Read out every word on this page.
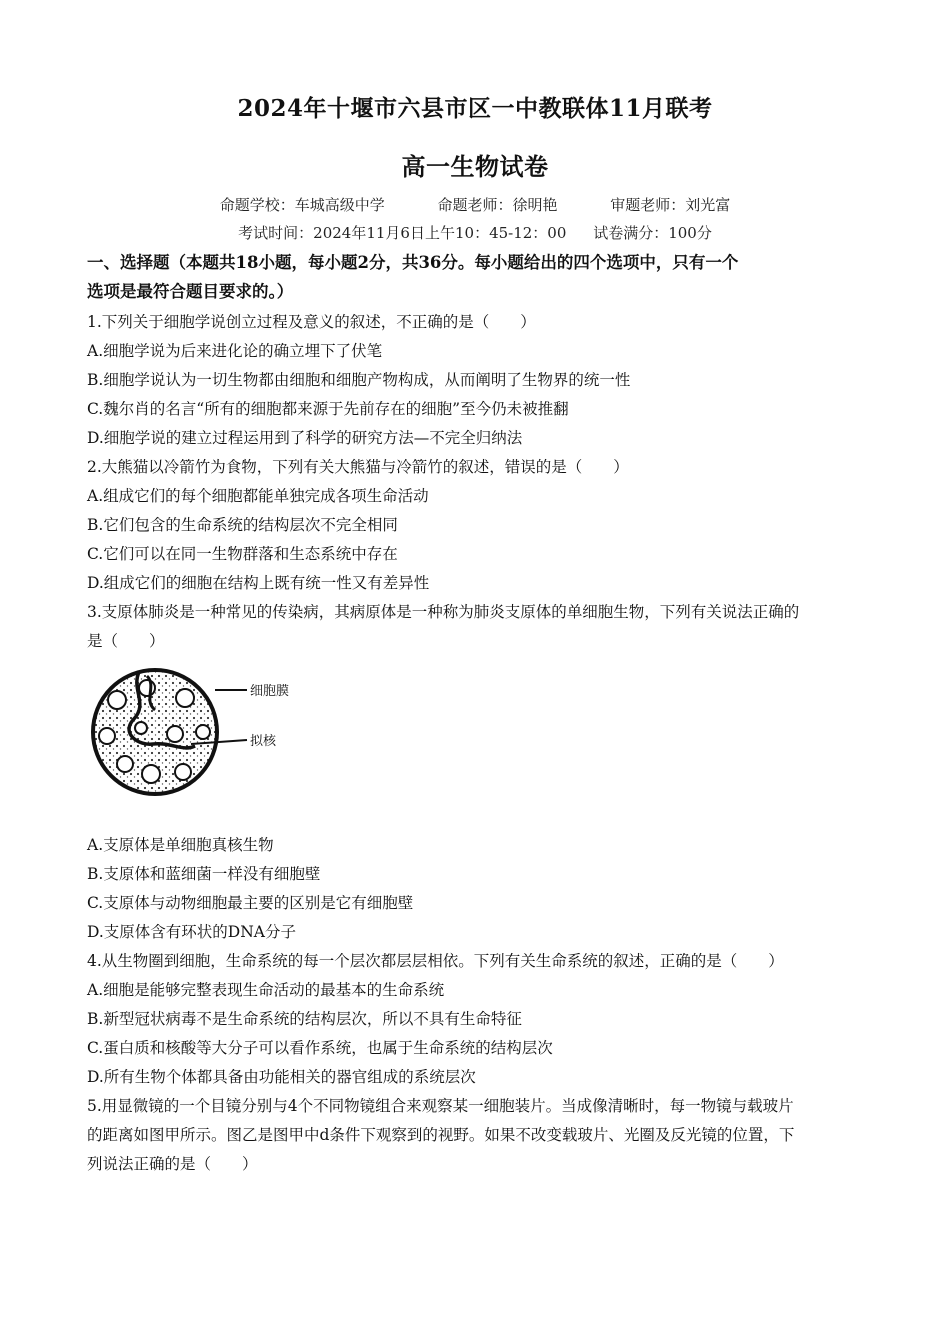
2024年十堰市六县市区一中教联体11月联考
高一生物试卷
命题学校：车城高级中学	命题老师：徐明艳	审题老师：刘光富
考试时间：2024年11月6日上午10：45-12：00 试卷满分：100分
一、选择题（本题共18小题，每小题2分，共36分。每小题给出的四个选项中，只有一个
选项是最符合题目要求的。）
1.下列关于细胞学说创立过程及意义的叙述，不正确的是（　　）
A.细胞学说为后来进化论的确立埋下了伏笔
B.细胞学说认为一切生物都由细胞和细胞产物构成，从而阐明了生物界的统一性
C.魏尔肖的名言“所有的细胞都来源于先前存在的细胞”至今仍未被推翻
D.细胞学说的建立过程运用到了科学的研究方法—不完全归纳法
2.大熊猫以冷箭竹为食物，下列有关大熊猫与冷箭竹的叙述，错误的是（　　）
A.组成它们的每个细胞都能单独完成各项生命活动
B.它们包含的生命系统的结构层次不完全相同
C.它们可以在同一生物群落和生态系统中存在
D.组成它们的细胞在结构上既有统一性又有差异性
3.支原体肺炎是一种常见的传染病，其病原体是一种称为肺炎支原体的单细胞生物，下列有关说法正确的
是（　　）
细胞膜
拟核
A.支原体是单细胞真核生物
B.支原体和蓝细菌一样没有细胞壁
C.支原体与动物细胞最主要的区别是它有细胞壁
D.支原体含有环状的DNA分子
4.从生物圈到细胞，生命系统的每一个层次都层层相依。下列有关生命系统的叙述，正确的是（　　）
A.细胞是能够完整表现生命活动的最基本的生命系统
B.新型冠状病毒不是生命系统的结构层次，所以不具有生命特征
C.蛋白质和核酸等大分子可以看作系统，也属于生命系统的结构层次
D.所有生物个体都具备由功能相关的器官组成的系统层次
5.用显微镜的一个目镜分别与4个不同物镜组合来观察某一细胞装片。当成像清晰时，每一物镜与载玻片
的距离如图甲所示。图乙是图甲中d条件下观察到的视野。如果不改变载玻片、光圈及反光镜的位置，下
列说法正确的是（　　）
